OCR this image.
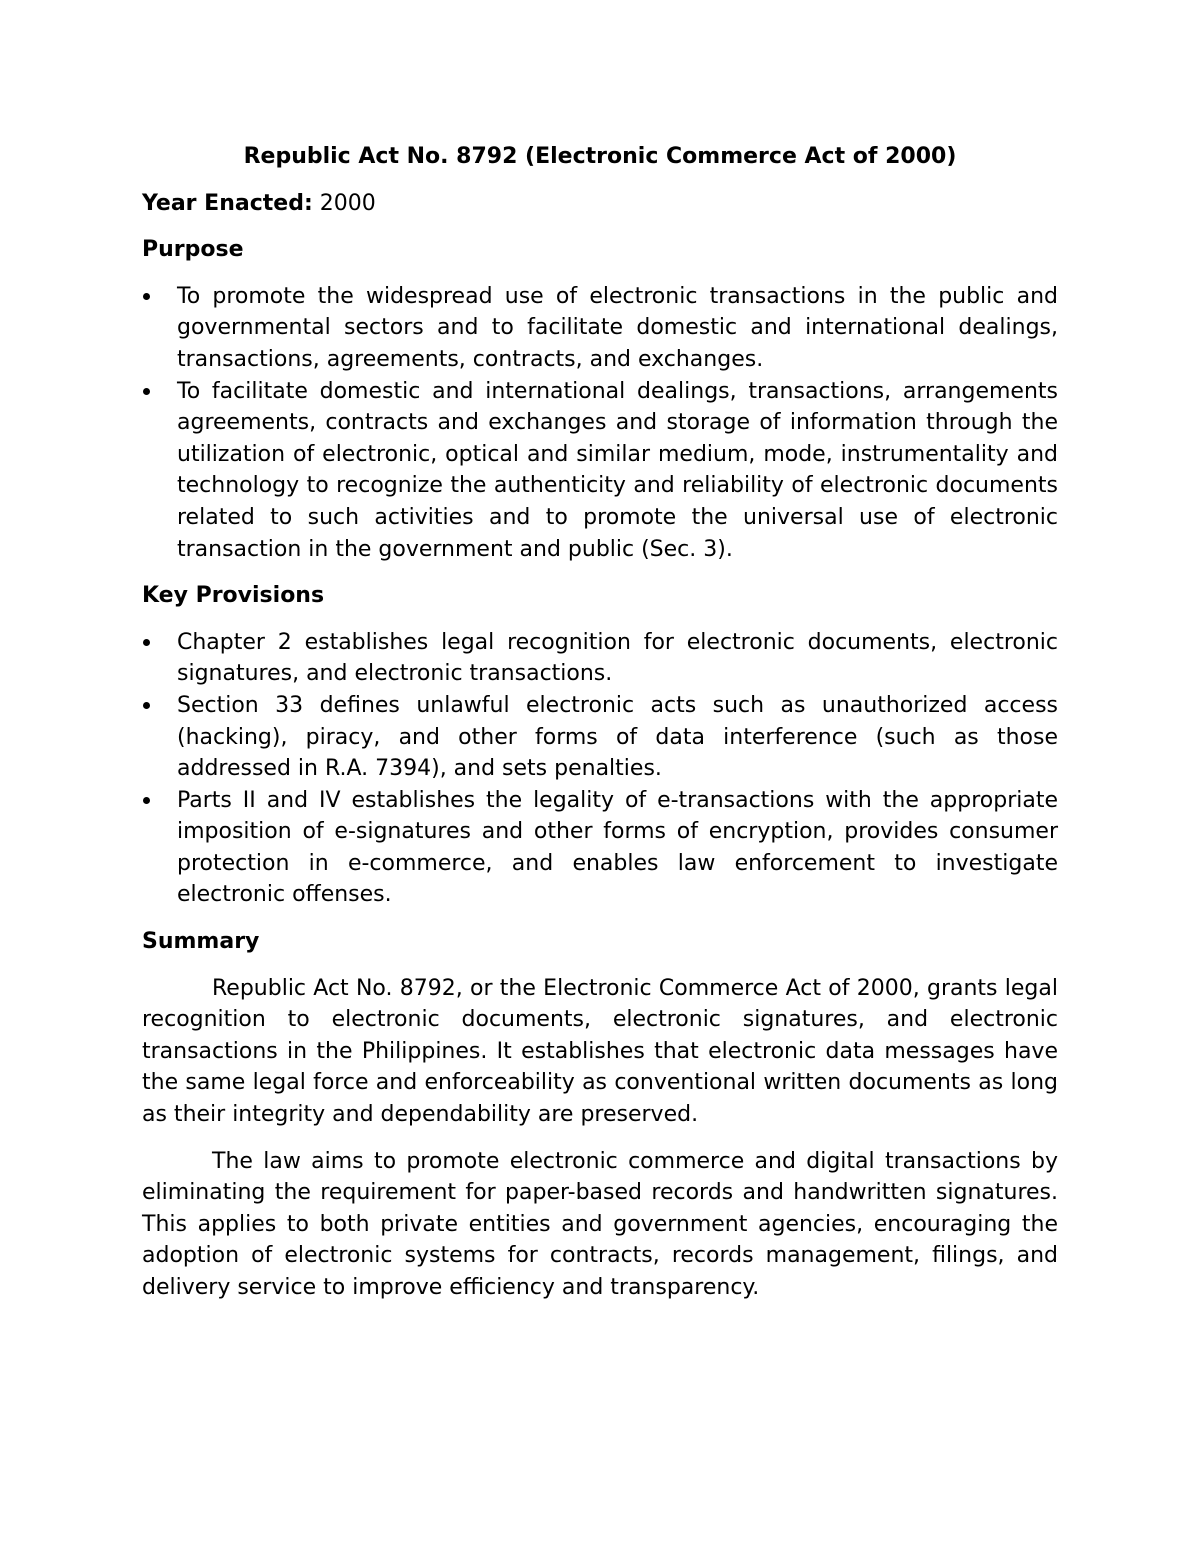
Republic Act No. 8792 (Electronic Commerce Act of 2000)
Year Enacted: 2000
Purpose
To promote the widespread use of electronic transactions in the public and governmental sectors and to facilitate domestic and international dealings, transactions, agreements, contracts, and exchanges.
To facilitate domestic and international dealings, transactions, arrangements agreements, contracts and exchanges and storage of information through the utilization of electronic, optical and similar medium, mode, instrumentality and technology to recognize the authenticity and reliability of electronic documents related to such activities and to promote the universal use of electronic transaction in the government and public (Sec. 3).
Key Provisions
Chapter 2 establishes legal recognition for electronic documents, electronic signatures, and electronic transactions.
Section 33 defines unlawful electronic acts such as unauthorized access (hacking), piracy, and other forms of data interference (such as those addressed in R.A. 7394), and sets penalties.
Parts II and IV establishes the legality of e-transactions with the appropriate imposition of e-signatures and other forms of encryption, provides consumer protection in e-commerce, and enables law enforcement to investigate electronic offenses.
Summary

Republic Act No. 8792, or the Electronic Commerce Act of 2000, grants legal recognition to electronic documents, electronic signatures, and electronic transactions in the Philippines. It establishes that electronic data messages have the same legal force and enforceability as conventional written documents as long as their integrity and dependability are preserved.

The law aims to promote electronic commerce and digital transactions by eliminating the requirement for paper-based records and handwritten signatures. This applies to both private entities and government agencies, encouraging the adoption of electronic systems for contracts, records management, filings, and delivery service to improve efficiency and transparency.
